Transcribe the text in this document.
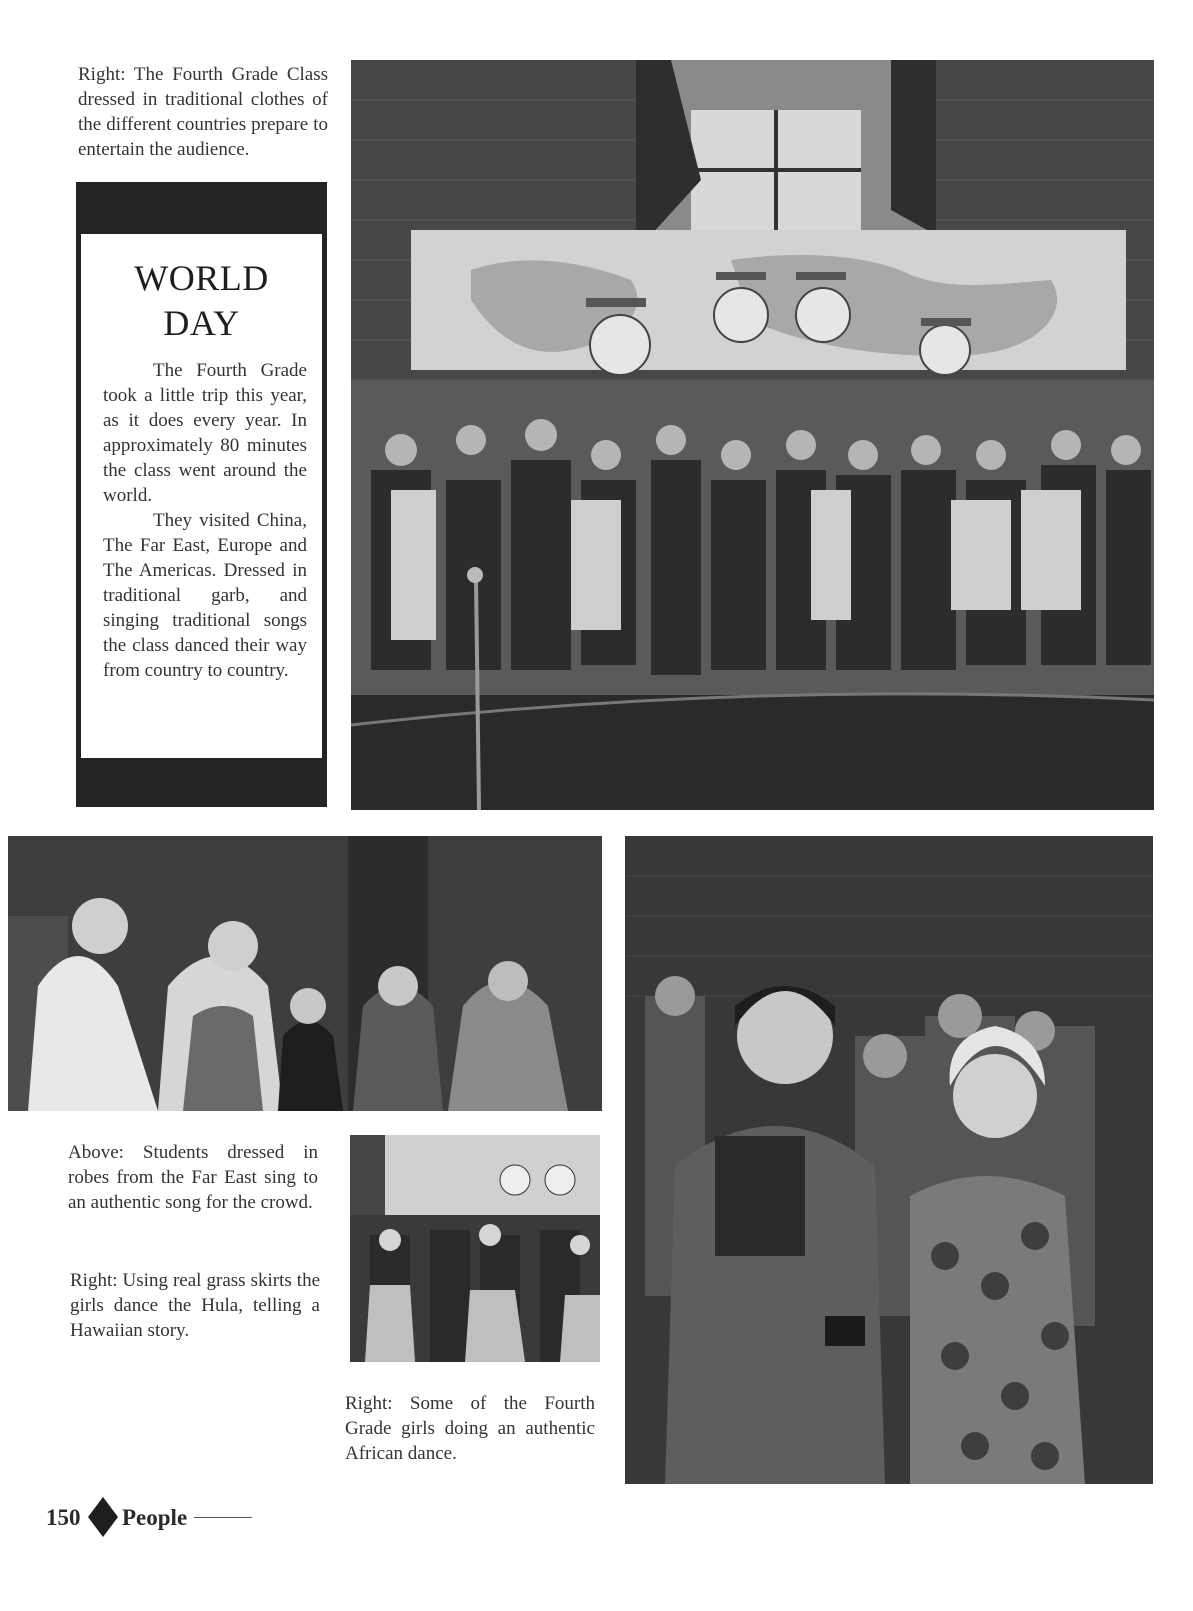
Right: The Fourth Grade Class dressed in traditional clothes of the different countries prepare to entertain the audience.
WORLD
DAY

The Fourth Grade took a little trip this year, as it does every year. In approximately 80 minutes the class went around the world.

They visited China, The Far East, Europe and The Americas. Dressed in traditional garb, and singing traditional songs the class danced their way from country to country.

Above: Students dressed in robes from the Far East sing to an authentic song for the crowd.
Right: Using real grass skirts the girls dance the Hula, telling a Hawaiian story.
Right: Some of the Fourth Grade girls doing an authentic African dance.
150 People
